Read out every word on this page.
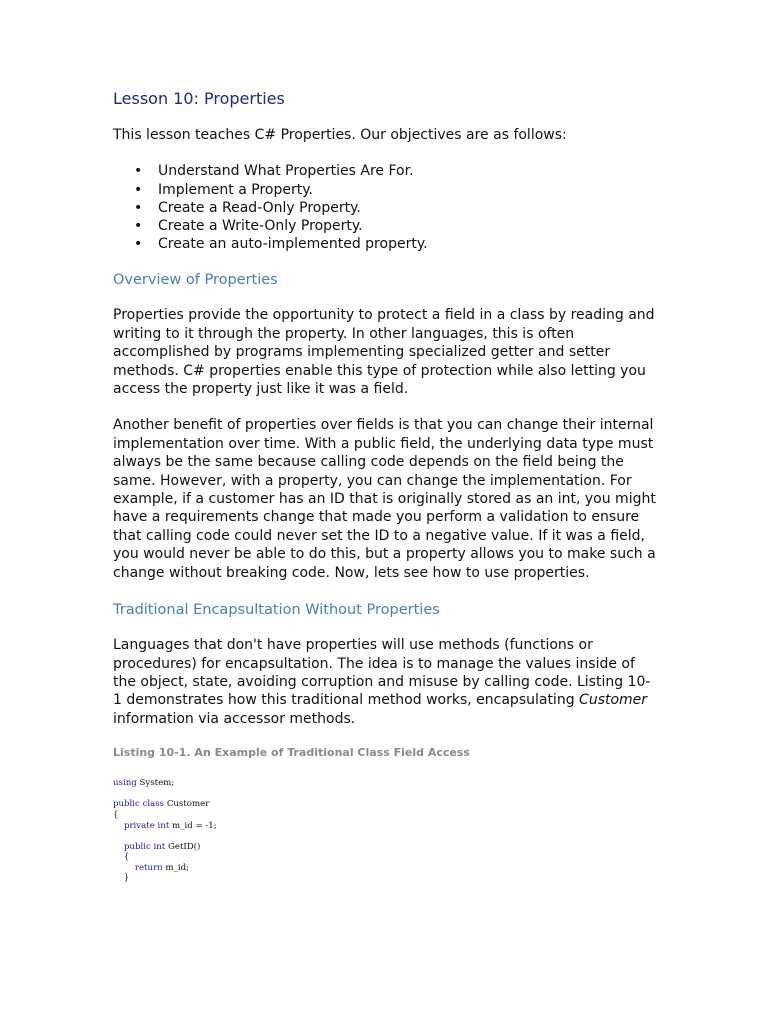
Lesson 10: Properties

This lesson teaches C# Properties. Our objectives are as follows:

• Understand What Properties Are For.
• Implement a Property.
• Create a Read-Only Property.
• Create a Write-Only Property.
• Create an auto-implemented property.
Overview of Properties

Properties provide the opportunity to protect a field in a class by reading and writing to it through the property. In other languages, this is often accomplished by programs implementing specialized getter and setter methods. C# properties enable this type of protection while also letting you access the property just like it was a field.

Another benefit of properties over fields is that you can change their internal implementation over time. With a public field, the underlying data type must always be the same because calling code depends on the field being the same. However, with a property, you can change the implementation. For example, if a customer has an ID that is originally stored as an int, you might have a requirements change that made you perform a validation to ensure that calling code could never set the ID to a negative value. If it was a field, you would never be able to do this, but a property allows you to make such a change without breaking code. Now, lets see how to use properties.

Traditional Encapsultation Without Properties

Languages that don't have properties will use methods (functions or procedures) for encapsultation. The idea is to manage the values inside of the object, state, avoiding corruption and misuse by calling code. Listing 10-1 demonstrates how this traditional method works, encapsulating Customer information via accessor methods.

Listing 10-1. An Example of Traditional Class Field Access
using System;
public class Customer
{
private int m_id = -1;
public int GetID()
{
return m_id;
}
